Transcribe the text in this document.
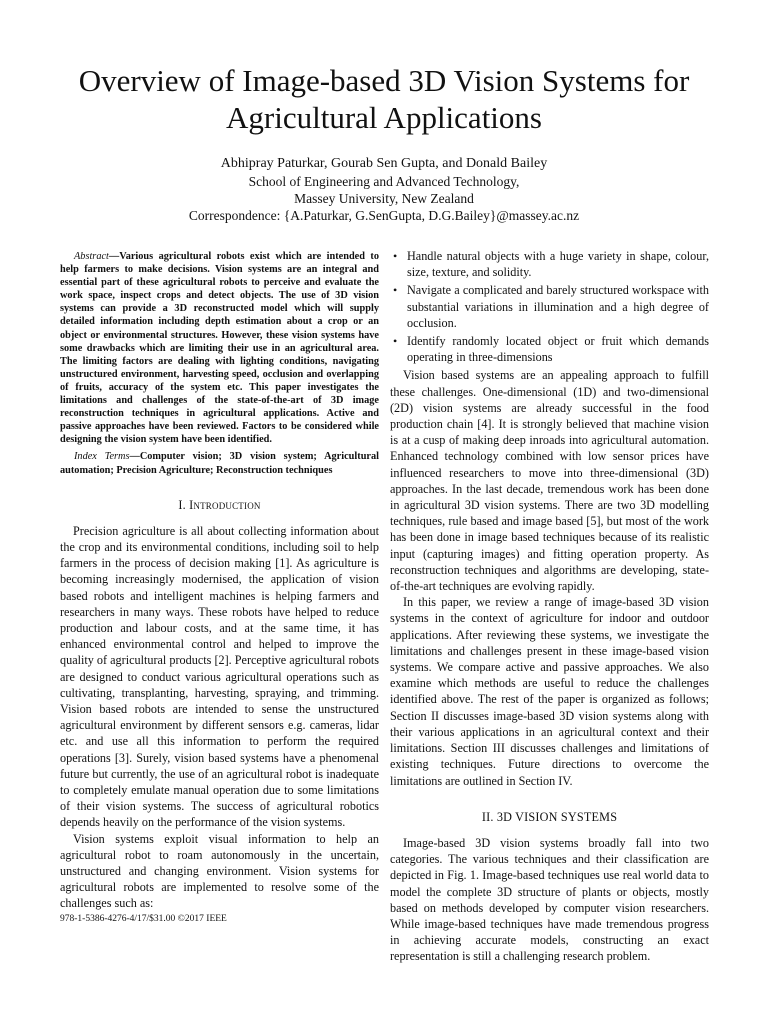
Overview of Image-based 3D Vision Systems for Agricultural Applications
Abhipray Paturkar, Gourab Sen Gupta, and Donald Bailey
School of Engineering and Advanced Technology,
Massey University, New Zealand
Correspondence: {A.Paturkar, G.SenGupta, D.G.Bailey}@massey.ac.nz

Abstract—Various agricultural robots exist which are intended to help farmers to make decisions. Vision systems are an integral and essential part of these agricultural robots to perceive and evaluate the work space, inspect crops and detect objects. The use of 3D vision systems can provide a 3D reconstructed model which will supply detailed information including depth estimation about a crop or an object or environmental structures. However, these vision systems have some drawbacks which are limiting their use in an agricultural area. The limiting factors are dealing with lighting conditions, navigating unstructured environment, harvesting speed, occlusion and overlapping of fruits, accuracy of the system etc. This paper investigates the limitations and challenges of the state-of-the-art of 3D image reconstruction techniques in agricultural applications. Active and passive approaches have been reviewed. Factors to be considered while designing the vision system have been identified.

Index Terms—Computer vision; 3D vision system; Agricultural automation; Precision Agriculture; Reconstruction techniques

I. Introduction

Precision agriculture is all about collecting information about the crop and its environmental conditions, including soil to help farmers in the process of decision making [1]. As agriculture is becoming increasingly modernised, the application of vision based robots and intelligent machines is helping farmers and researchers in many ways. These robots have helped to reduce production and labour costs, and at the same time, it has enhanced environmental control and helped to improve the quality of agricultural products [2]. Perceptive agricultural robots are designed to conduct various agricultural operations such as cultivating, transplanting, harvesting, spraying, and trimming. Vision based robots are intended to sense the unstructured agricultural environment by different sensors e.g. cameras, lidar etc. and use all this information to perform the required operations [3]. Surely, vision based systems have a phenomenal future but currently, the use of an agricultural robot is inadequate to completely emulate manual operation due to some limitations of their vision systems. The success of agricultural robotics depends heavily on the performance of the vision systems.

Vision systems exploit visual information to help an agricultural robot to roam autonomously in the uncertain, unstructured and changing environment. Vision systems for agricultural robots are implemented to resolve some of the challenges such as:

• Handle natural objects with a huge variety in shape, colour, size, texture, and solidity.
• Navigate a complicated and barely structured workspace with substantial variations in illumination and a high degree of occlusion.
• Identify randomly located object or fruit which demands operating in three-dimensions

Vision based systems are an appealing approach to fulfill these challenges. One-dimensional (1D) and two-dimensional (2D) vision systems are already successful in the food production chain [4]. It is strongly believed that machine vision is at a cusp of making deep inroads into agricultural automation. Enhanced technology combined with low sensor prices have influenced researchers to move into three-dimensional (3D) approaches. In the last decade, tremendous work has been done in agricultural 3D vision systems. There are two 3D modelling techniques, rule based and image based [5], but most of the work has been done in image based techniques because of its realistic input (capturing images) and fitting operation property. As reconstruction techniques and algorithms are developing, state-of-the-art techniques are evolving rapidly.

In this paper, we review a range of image-based 3D vision systems in the context of agriculture for indoor and outdoor applications. After reviewing these systems, we investigate the limitations and challenges present in these image-based vision systems. We compare active and passive approaches. We also examine which methods are useful to reduce the challenges identified above. The rest of the paper is organized as follows; Section II discusses image-based 3D vision systems along with their various applications in an agricultural context and their limitations. Section III discusses challenges and limitations of existing techniques. Future directions to overcome the limitations are outlined in Section IV.

II. 3D VISION SYSTEMS

Image-based 3D vision systems broadly fall into two categories. The various techniques and their classification are depicted in Fig. 1. Image-based techniques use real world data to model the complete 3D structure of plants or objects, mostly based on methods developed by computer vision researchers. While image-based techniques have made tremendous progress in achieving accurate models, constructing an exact representation is still a challenging research problem.

978-1-5386-4276-4/17/$31.00 ©2017 IEEE
